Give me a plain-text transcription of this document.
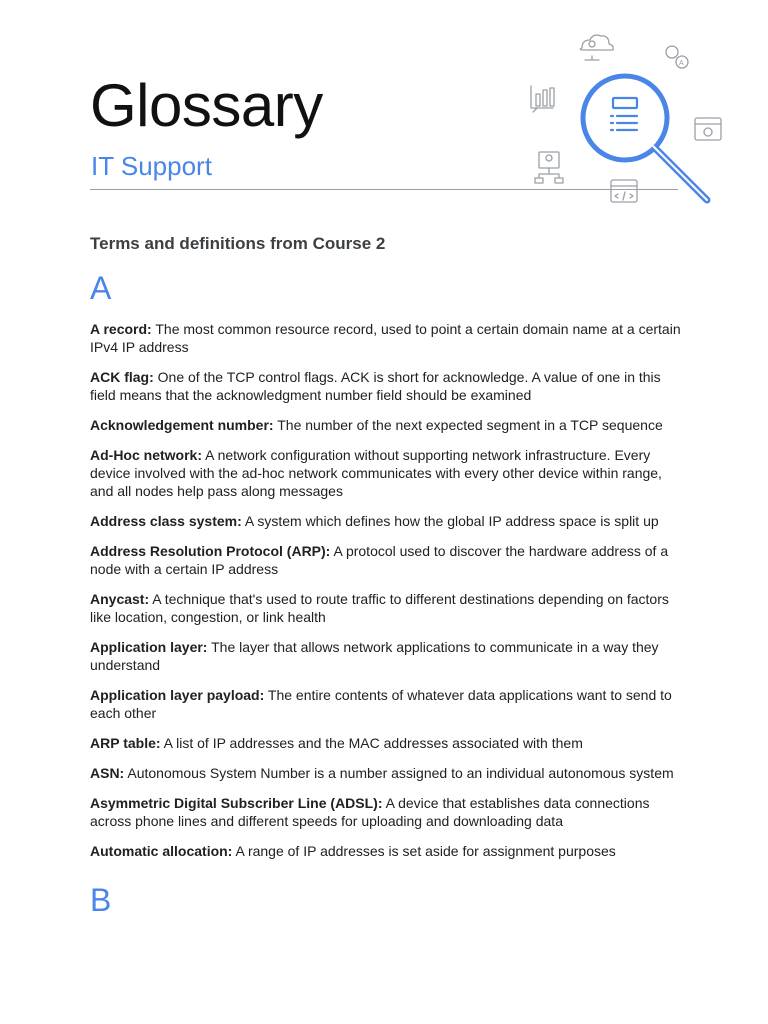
Glossary
IT Support
A
Terms and definitions from Course 2
A

A record: The most common resource record, used to point a certain domain name at a certain IPv4 IP address

ACK flag: One of the TCP control flags. ACK is short for acknowledge. A value of one in this field means that the acknowledgment number field should be examined

Acknowledgement number: The number of the next expected segment in a TCP sequence

Ad-Hoc network: A network configuration without supporting network infrastructure. Every device involved with the ad-hoc network communicates with every other device within range, and all nodes help pass along messages

Address class system: A system which defines how the global IP address space is split up

Address Resolution Protocol (ARP): A protocol used to discover the hardware address of a node with a certain IP address

Anycast: A technique that's used to route traffic to different destinations depending on factors like location, congestion, or link health

Application layer: The layer that allows network applications to communicate in a way they understand

Application layer payload: The entire contents of whatever data applications want to send to each other

ARP table: A list of IP addresses and the MAC addresses associated with them

ASN: Autonomous System Number is a number assigned to an individual autonomous system

Asymmetric Digital Subscriber Line (ADSL): A device that establishes data connections across phone lines and different speeds for uploading and downloading data

Automatic allocation: A range of IP addresses is set aside for assignment purposes

B
